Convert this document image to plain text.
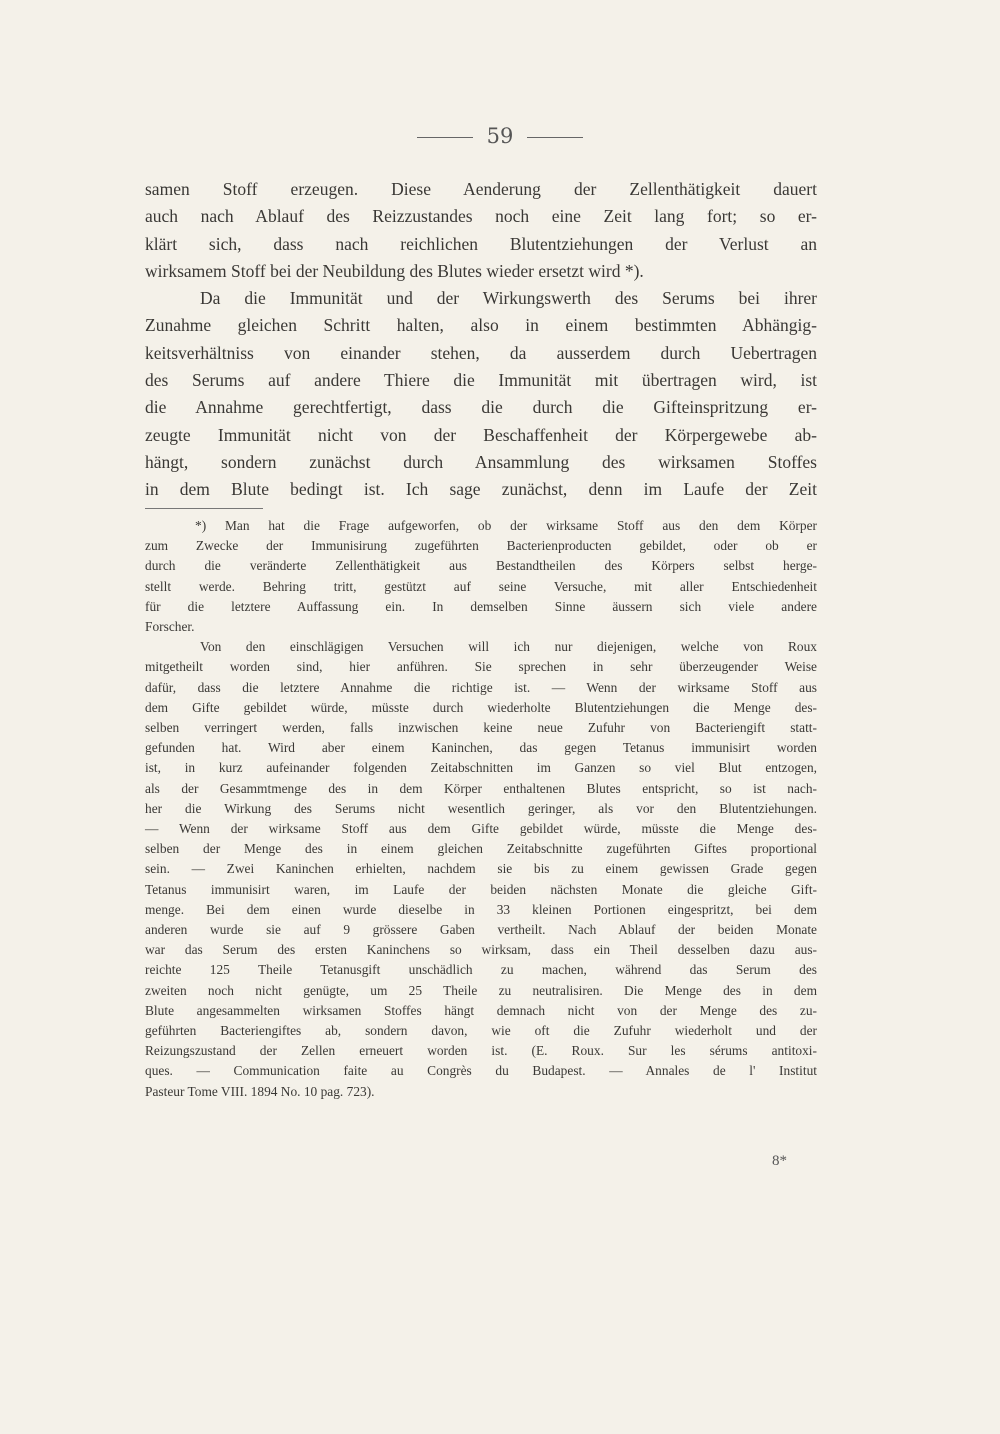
59
samen Stoff erzeugen. Diese Aenderung der Zellenthätigkeit dauert
auch nach Ablauf des Reizzustandes noch eine Zeit lang fort; so er-
klärt sich, dass nach reichlichen Blutentziehungen der Verlust an
wirksamem Stoff bei der Neubildung des Blutes wieder ersetzt wird *).
Da die Immunität und der Wirkungswerth des Serums bei ihrer
Zunahme gleichen Schritt halten, also in einem bestimmten Abhängig-
keitsverhältniss von einander stehen, da ausserdem durch Uebertragen
des Serums auf andere Thiere die Immunität mit übertragen wird, ist
die Annahme gerechtfertigt, dass die durch die Gifteinspritzung er-
zeugte Immunität nicht von der Beschaffenheit der Körpergewebe ab-
hängt, sondern zunächst durch Ansammlung des wirksamen Stoffes
in dem Blute bedingt ist. Ich sage zunächst, denn im Laufe der Zeit
*) Man hat die Frage aufgeworfen, ob der wirksame Stoff aus den dem Körper
zum Zwecke der Immunisirung zugeführten Bacterienproducten gebildet, oder ob er
durch die veränderte Zellenthätigkeit aus Bestandtheilen des Körpers selbst herge-
stellt werde. Behring tritt, gestützt auf seine Versuche, mit aller Entschiedenheit
für die letztere Auffassung ein. In demselben Sinne äussern sich viele andere
Forscher.
Von den einschlägigen Versuchen will ich nur diejenigen, welche von Roux
mitgetheilt worden sind, hier anführen. Sie sprechen in sehr überzeugender Weise
dafür, dass die letztere Annahme die richtige ist. — Wenn der wirksame Stoff aus
dem Gifte gebildet würde, müsste durch wiederholte Blutentziehungen die Menge des-
selben verringert werden, falls inzwischen keine neue Zufuhr von Bacteriengift statt-
gefunden hat. Wird aber einem Kaninchen, das gegen Tetanus immunisirt worden
ist, in kurz aufeinander folgenden Zeitabschnitten im Ganzen so viel Blut entzogen,
als der Gesammtmenge des in dem Körper enthaltenen Blutes entspricht, so ist nach-
her die Wirkung des Serums nicht wesentlich geringer, als vor den Blutentziehungen.
— Wenn der wirksame Stoff aus dem Gifte gebildet würde, müsste die Menge des-
selben der Menge des in einem gleichen Zeitabschnitte zugeführten Giftes proportional
sein. — Zwei Kaninchen erhielten, nachdem sie bis zu einem gewissen Grade gegen
Tetanus immunisirt waren, im Laufe der beiden nächsten Monate die gleiche Gift-
menge. Bei dem einen wurde dieselbe in 33 kleinen Portionen eingespritzt, bei dem
anderen wurde sie auf 9 grössere Gaben vertheilt. Nach Ablauf der beiden Monate
war das Serum des ersten Kaninchens so wirksam, dass ein Theil desselben dazu aus-
reichte 125 Theile Tetanusgift unschädlich zu machen, während das Serum des
zweiten noch nicht genügte, um 25 Theile zu neutralisiren. Die Menge des in dem
Blute angesammelten wirksamen Stoffes hängt demnach nicht von der Menge des zu-
geführten Bacteriengiftes ab, sondern davon, wie oft die Zufuhr wiederholt und der
Reizungszustand der Zellen erneuert worden ist. (E. Roux. Sur les sérums antitoxi-
ques. — Communication faite au Congrès du Budapest. — Annales de l' Institut
Pasteur Tome VIII. 1894 No. 10 pag. 723).
8*
